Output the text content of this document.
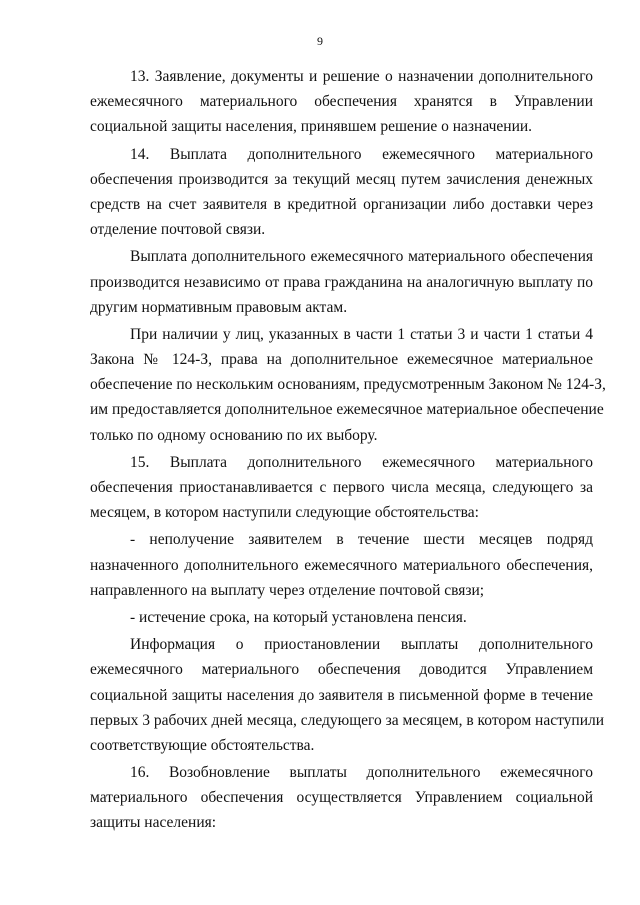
9
13. Заявление, документы и решение о назначении дополнительного
ежемесячного материального обеспечения хранятся в Управлении
социальной защиты населения, принявшем решение о назначении.
14. Выплата дополнительного ежемесячного материального
обеспечения производится за текущий месяц путем зачисления денежных
средств на счет заявителя в кредитной организации либо доставки через
отделение почтовой связи.
Выплата дополнительного ежемесячного материального обеспечения
производится независимо от права гражданина на аналогичную выплату по
другим нормативным правовым актам.
При наличии у лиц, указанных в части 1 статьи 3 и части 1 статьи 4
Закона № 124-З, права на дополнительное ежемесячное материальное
обеспечение по нескольким основаниям, предусмотренным Законом № 124-З,
им предоставляется дополнительное ежемесячное материальное обеспечение
только по одному основанию по их выбору.
15. Выплата дополнительного ежемесячного материального
обеспечения приостанавливается с первого числа месяца, следующего за
месяцем, в котором наступили следующие обстоятельства:
- неполучение заявителем в течение шести месяцев подряд
назначенного дополнительного ежемесячного материального обеспечения,
направленного на выплату через отделение почтовой связи;
- истечение срока, на который установлена пенсия.
Информация о приостановлении выплаты дополнительного
ежемесячного материального обеспечения доводится Управлением
социальной защиты населения до заявителя в письменной форме в течение
первых 3 рабочих дней месяца, следующего за месяцем, в котором наступили
соответствующие обстоятельства.
16. Возобновление выплаты дополнительного ежемесячного
материального обеспечения осуществляется Управлением социальной
защиты населения:
